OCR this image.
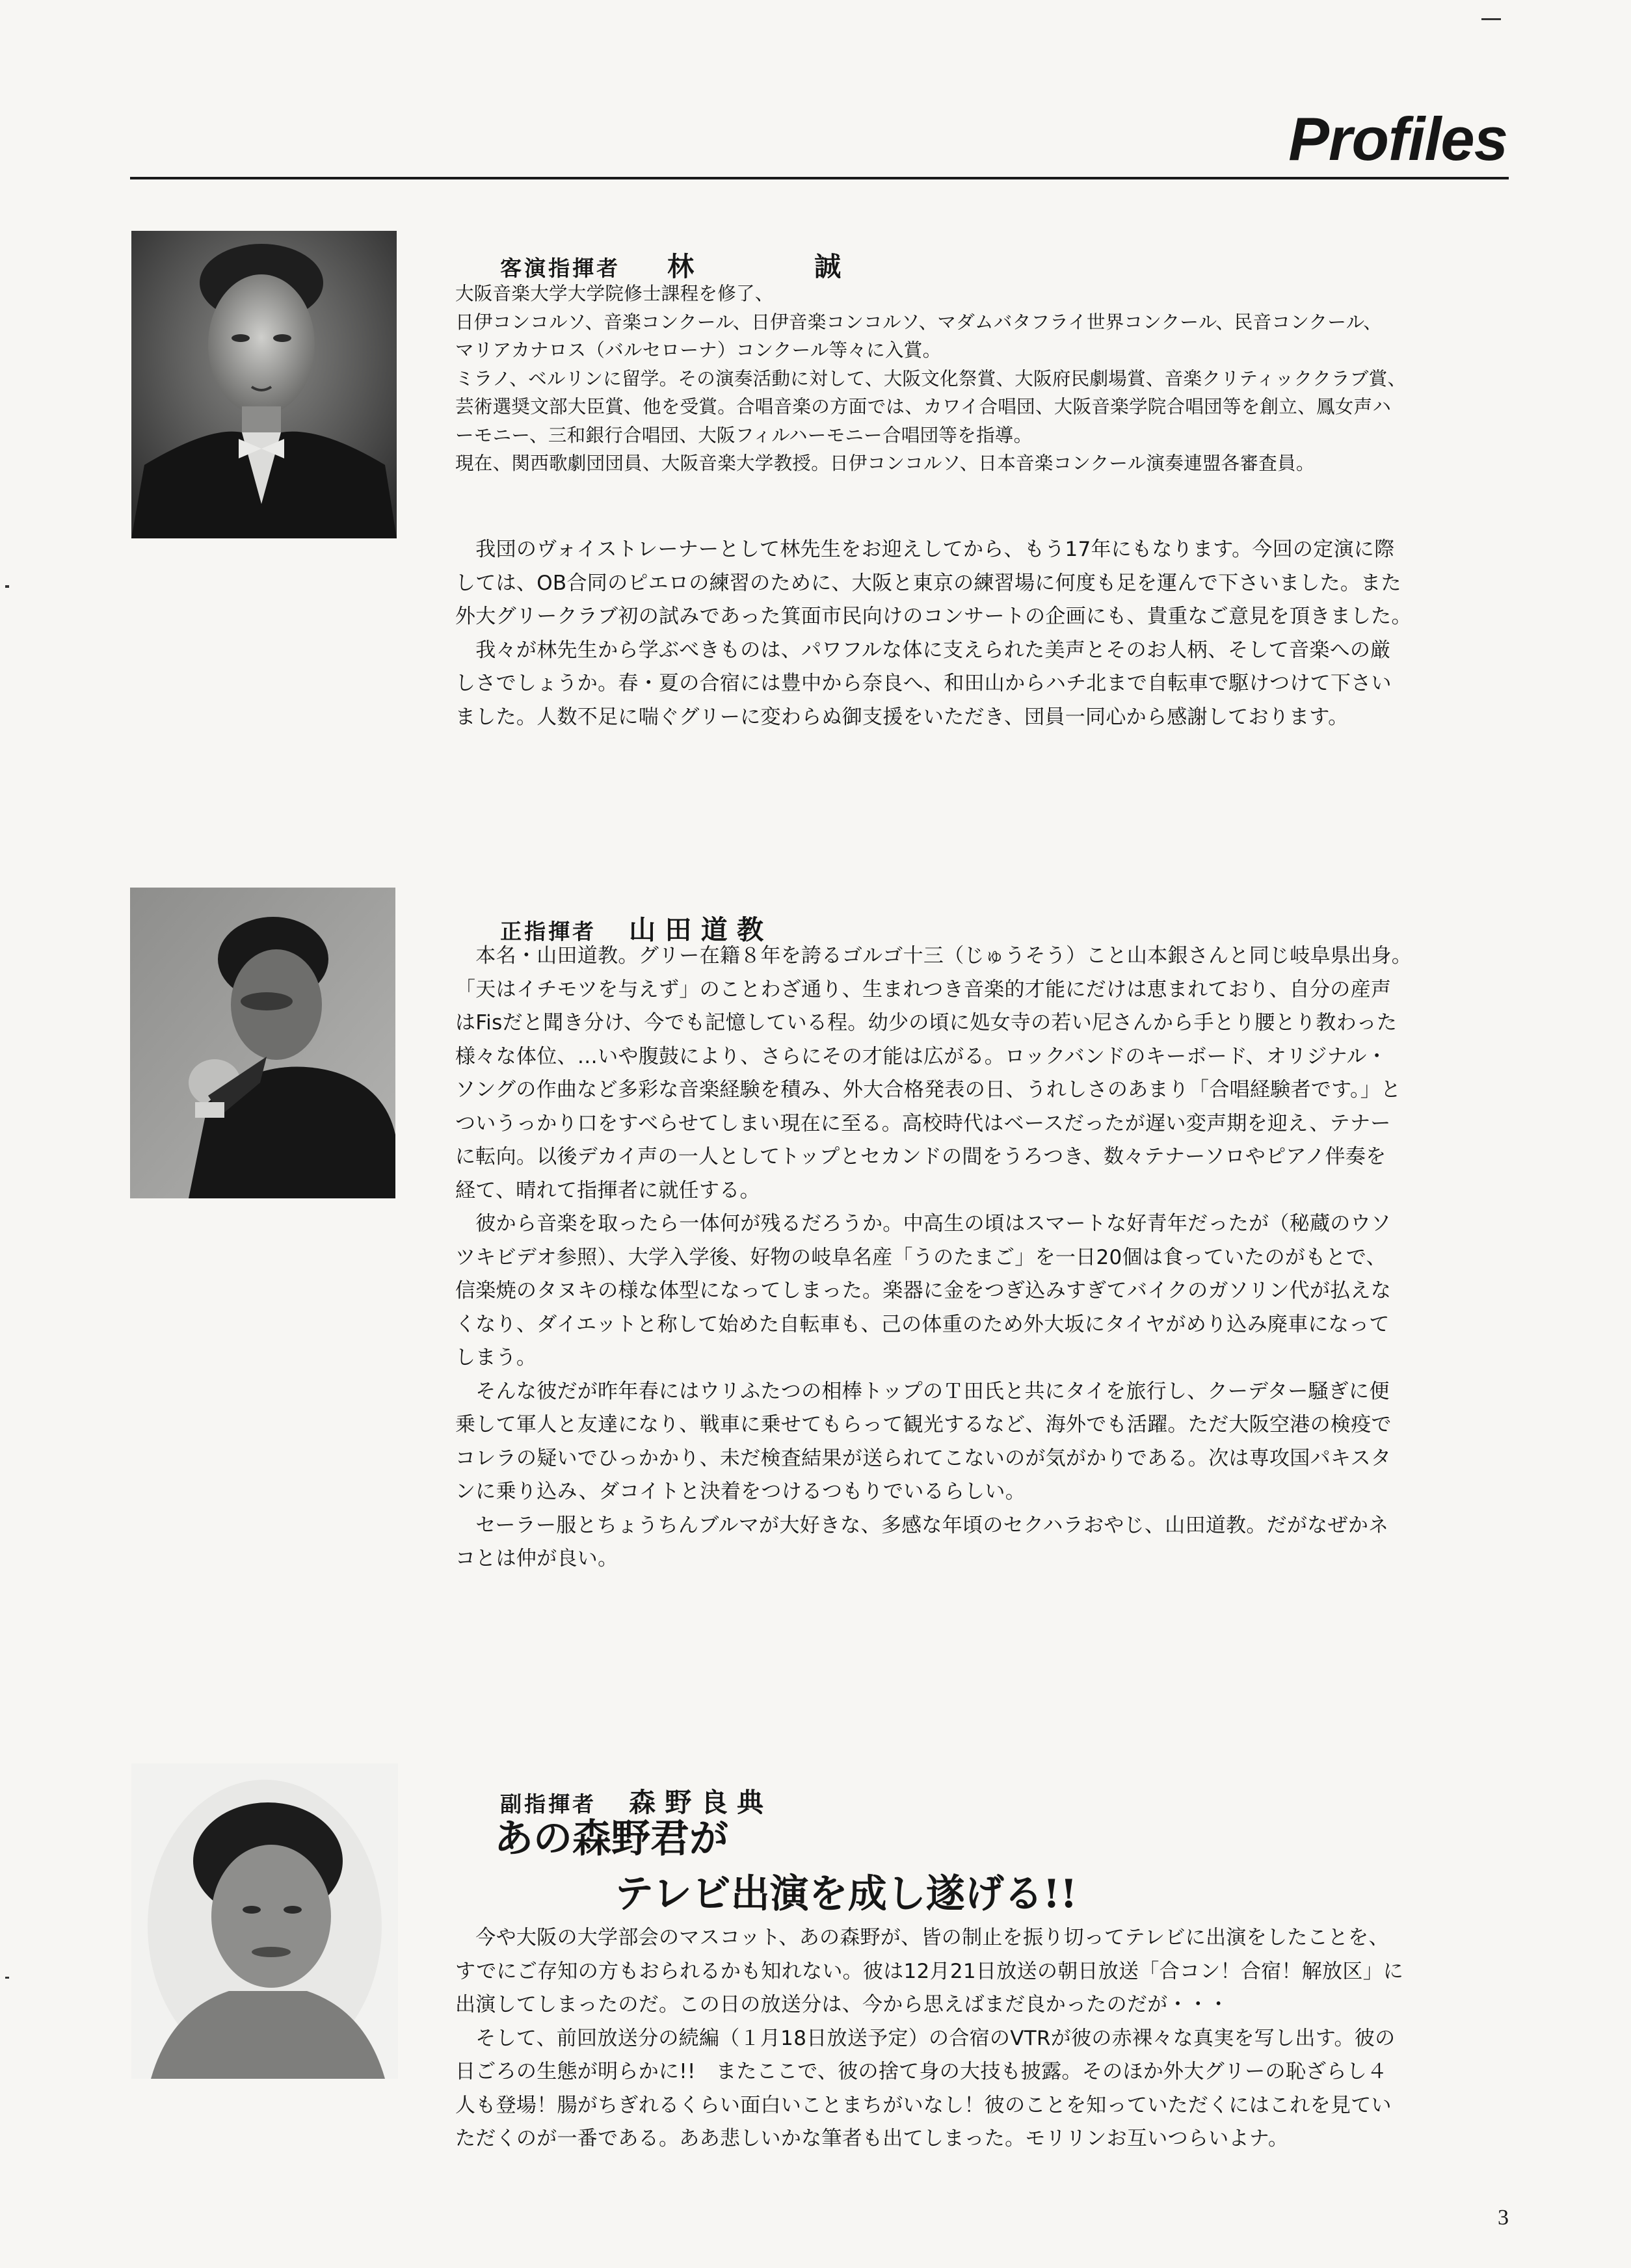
Profiles

客演指揮者 林	誠

大阪音楽大学大学院修士課程を修了、
日伊コンコルソ、音楽コンクール、日伊音楽コンコルソ、マダムバタフライ世界コンクール、民音コンクール、
マリアカナロス（バルセローナ）コンクール等々に入賞。
ミラノ、ベルリンに留学。その演奏活動に対して、大阪文化祭賞、大阪府民劇場賞、音楽クリティッククラブ賞、
芸術選奨文部大臣賞、他を受賞。合唱音楽の方面では、カワイ合唱団、大阪音楽学院合唱団等を創立、鳳女声ハ
ーモニー、三和銀行合唱団、大阪フィルハーモニー合唱団等を指導。
現在、関西歌劇団団員、大阪音楽大学教授。日伊コンコルソ、日本音楽コンクール演奏連盟各審査員。
　我団のヴォイストレーナーとして林先生をお迎えしてから、もう17年にもなります。今回の定演に際
しては、OB合同のピエロの練習のために、大阪と東京の練習場に何度も足を運んで下さいました。また
外大グリークラブ初の試みであった箕面市民向けのコンサートの企画にも、貴重なご意見を頂きました。
　我々が林先生から学ぶべきものは、パワフルな体に支えられた美声とそのお人柄、そして音楽への厳
しさでしょうか。春・夏の合宿には豊中から奈良へ、和田山からハチ北まで自転車で駆けつけて下さい
ました。人数不足に喘ぐグリーに変わらぬ御支援をいただき、団員一同心から感謝しております。

正指揮者 山 田 道 教

　本名・山田道教。グリー在籍８年を誇るゴルゴ十三（じゅうそう）こと山本銀さんと同じ岐阜県出身。
「天はイチモツを与えず」のことわざ通り、生まれつき音楽的才能にだけは恵まれており、自分の産声
はFisだと聞き分け、今でも記憶している程。幼少の頃に処女寺の若い尼さんから手とり腰とり教わった
様々な体位、…いや腹鼓により、さらにその才能は広がる。ロックバンドのキーボード、オリジナル・
ソングの作曲など多彩な音楽経験を積み、外大合格発表の日、うれしさのあまり「合唱経験者です。」と
ついうっかり口をすべらせてしまい現在に至る。高校時代はベースだったが遅い変声期を迎え、テナー
に転向。以後デカイ声の一人としてトップとセカンドの間をうろつき、数々テナーソロやピアノ伴奏を
経て、晴れて指揮者に就任する。
　彼から音楽を取ったら一体何が残るだろうか。中高生の頃はスマートな好青年だったが（秘蔵のウソ
ツキビデオ参照）、大学入学後、好物の岐阜名産「うのたまご」を一日20個は食っていたのがもとで、
信楽焼のタヌキの様な体型になってしまった。楽器に金をつぎ込みすぎてバイクのガソリン代が払えな
くなり、ダイエットと称して始めた自転車も、己の体重のため外大坂にタイヤがめり込み廃車になって
しまう。
　そんな彼だが昨年春にはウリふたつの相棒トップのＴ田氏と共にタイを旅行し、クーデター騒ぎに便
乗して軍人と友達になり、戦車に乗せてもらって観光するなど、海外でも活躍。ただ大阪空港の検疫で
コレラの疑いでひっかかり、未だ検査結果が送られてこないのが気がかりである。次は専攻国パキスタ
ンに乗り込み、ダコイトと決着をつけるつもりでいるらしい。
　セーラー服とちょうちんブルマが大好きな、多感な年頃のセクハラおやじ、山田道教。だがなぜかネ
コとは仲が良い。

副指揮者 森 野 良 典

あの森野君が
テレビ出演を成し遂げる!!
　今や大阪の大学部会のマスコット、あの森野が、皆の制止を振り切ってテレビに出演をしたことを、
すでにご存知の方もおられるかも知れない。彼は12月21日放送の朝日放送「合コン！合宿！解放区」に
出演してしまったのだ。この日の放送分は、今から思えばまだ良かったのだが・・・
　そして、前回放送分の続編（１月18日放送予定）の合宿のVTRが彼の赤裸々な真実を写し出す。彼の
日ごろの生態が明らかに!!　またここで、彼の捨て身の大技も披露。そのほか外大グリーの恥ざらし４
人も登場！腸がちぎれるくらい面白いことまちがいなし！彼のことを知っていただくにはこれを見てい
ただくのが一番である。ああ悲しいかな筆者も出てしまった。モリリンお互いつらいよナ。
3
